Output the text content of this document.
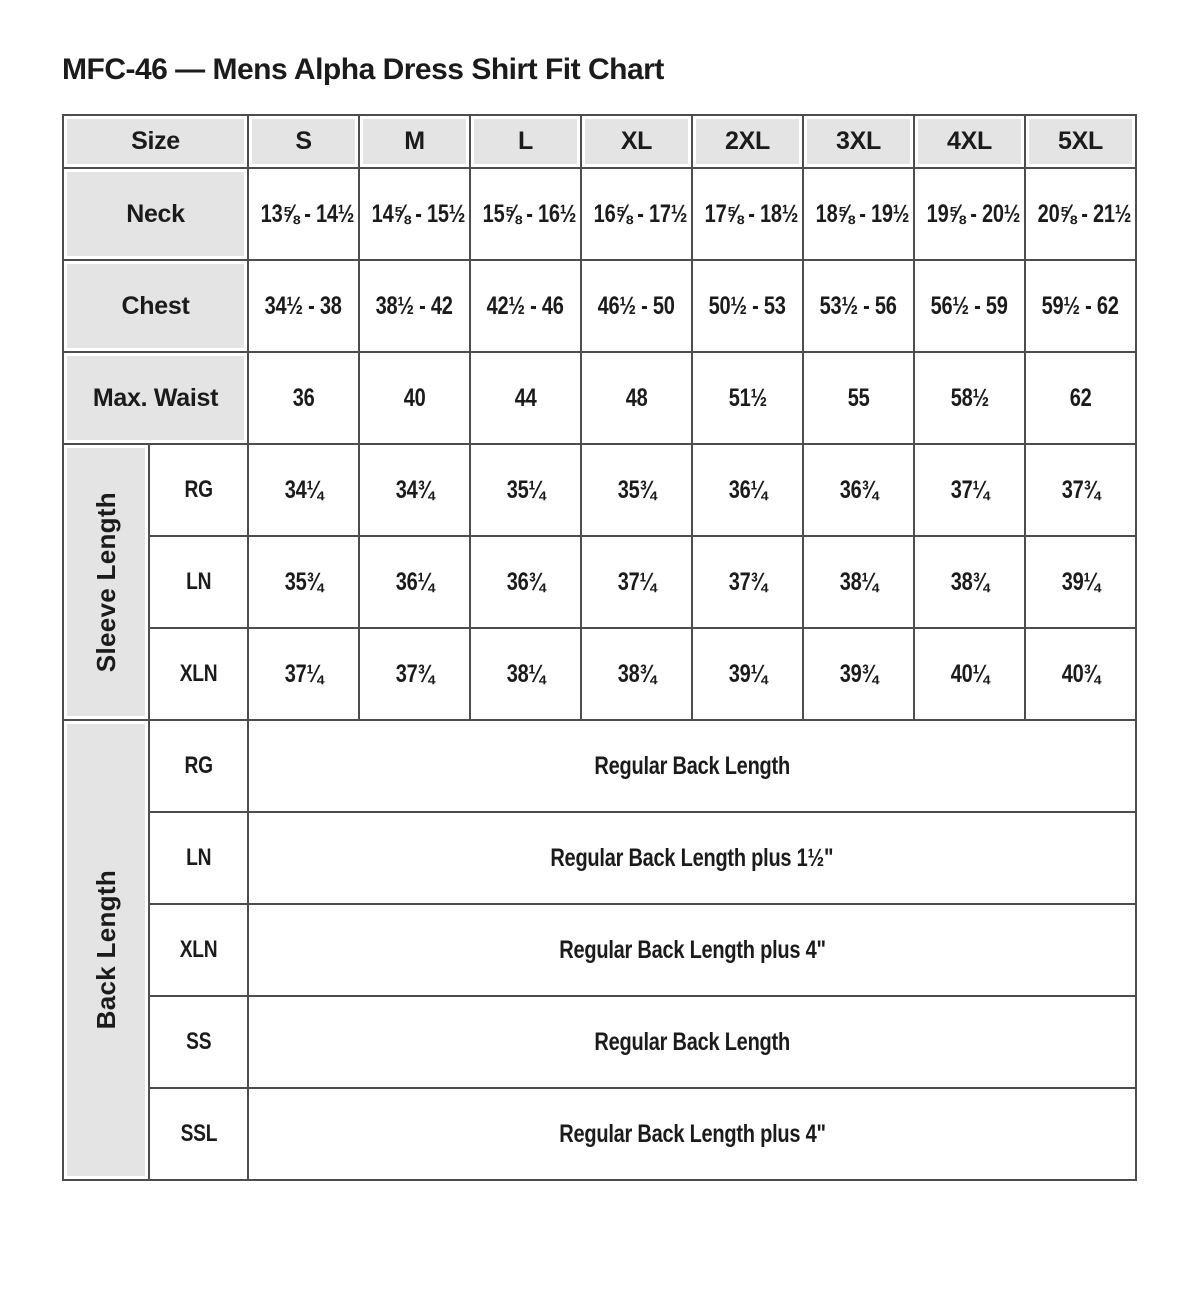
MFC-46 — Mens Alpha Dress Shirt Fit Chart
Size		S	M	L	XL	2XL	3XL	4XL	5XL

Neck		13⅝ - 14½	14⅝ - 15½	15⅝ - 16½	16⅝ - 17½	17⅝ - 18½	18⅝ - 19½	19⅝ - 20½	20⅝ - 21½

Chest		34½ - 38	38½ - 42	42½ - 46	46½ - 50	50½ - 53	53½ - 56	56½ - 59	59½ - 62

Max. Waist		36	40	44	48	51½	55	58½	62

Sleeve Length	RG	34¼	34¾	35¼	35¾	36¼	36¾	37¼	37¾
	LN	35¾	36¼	36¾	37¼	37¾	38¼	38¾	39¼
	XLN	37¼	37¾	38¼	38¾	39¼	39¾	40¼	40¾

Back Length	RG	Regular Back Length							
	LN	Regular Back Length plus 1½"							
	XLN	Regular Back Length plus 4"							
	SS	Regular Back Length							
	SSL	Regular Back Length plus 4"							
